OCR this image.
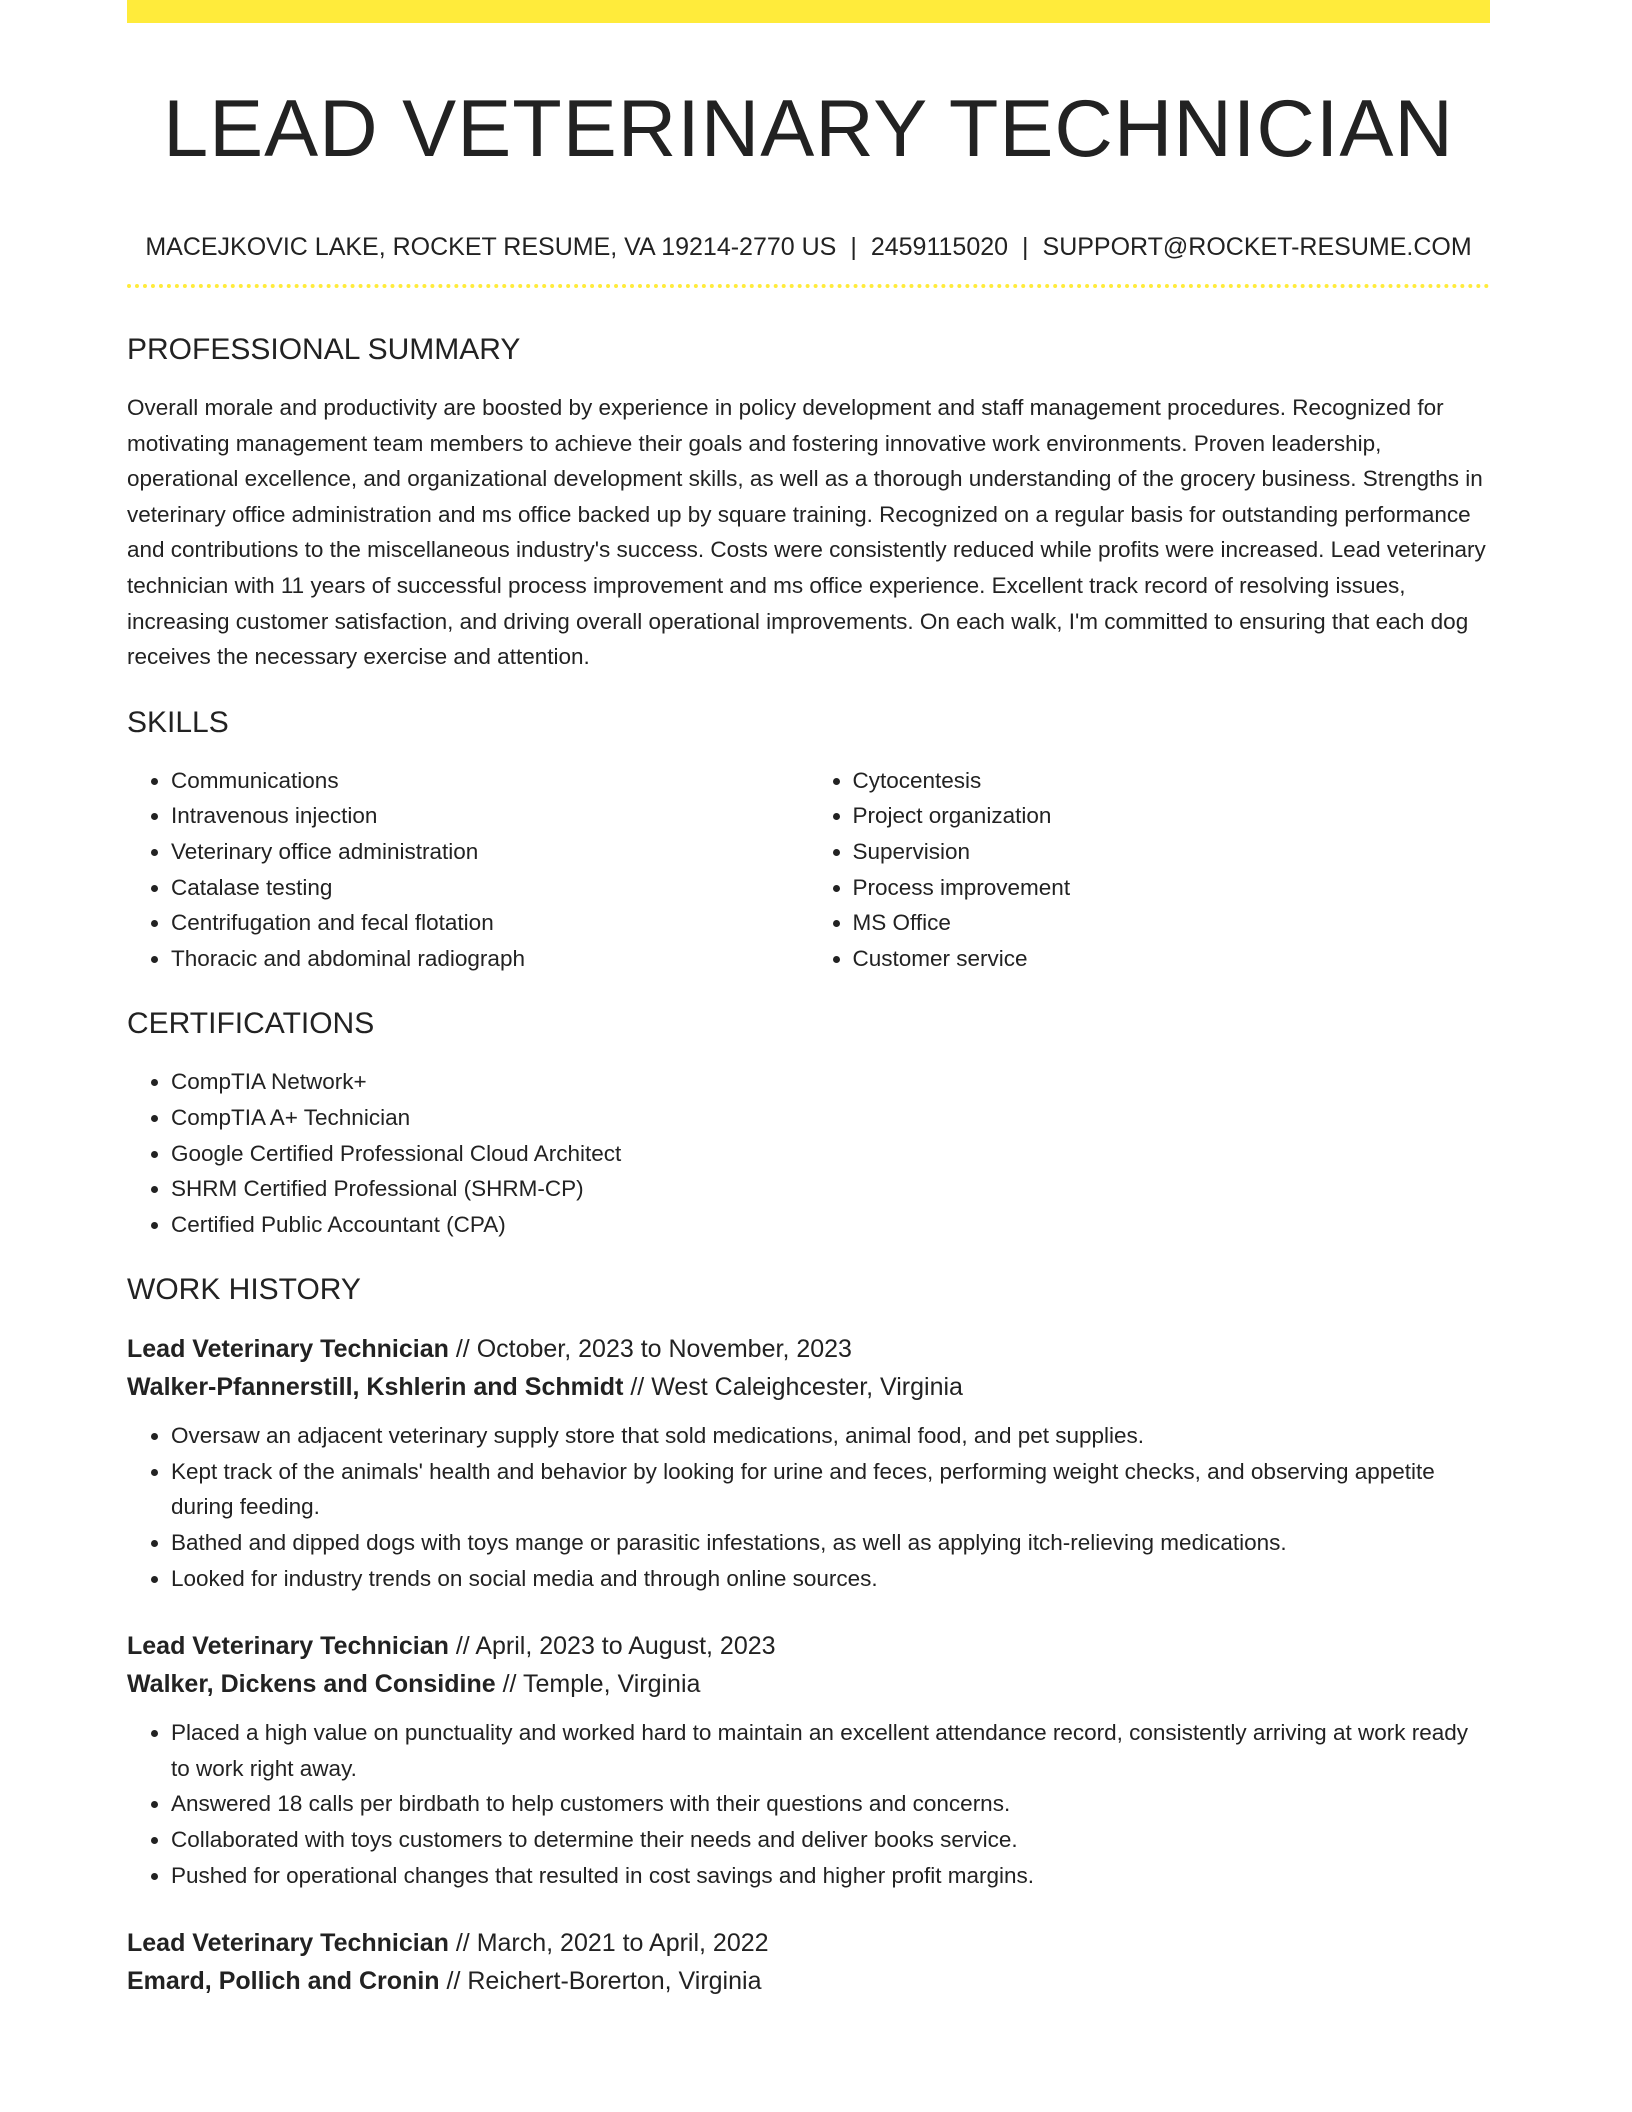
LEAD VETERINARY TECHNICIAN
MACEJKOVIC LAKE, ROCKET RESUME, VA 19214-2770 US | 2459115020 | SUPPORT@ROCKET-RESUME.COM
PROFESSIONAL SUMMARY
Overall morale and productivity are boosted by experience in policy development and staff management procedures. Recognized for motivating management team members to achieve their goals and fostering innovative work environments. Proven leadership, operational excellence, and organizational development skills, as well as a thorough understanding of the grocery business. Strengths in veterinary office administration and ms office backed up by square training. Recognized on a regular basis for outstanding performance and contributions to the miscellaneous industry's success. Costs were consistently reduced while profits were increased. Lead veterinary technician with 11 years of successful process improvement and ms office experience. Excellent track record of resolving issues, increasing customer satisfaction, and driving overall operational improvements. On each walk, I'm committed to ensuring that each dog receives the necessary exercise and attention.
SKILLS
• Communications
• Intravenous injection
• Veterinary office administration
• Catalase testing
• Centrifugation and fecal flotation
• Thoracic and abdominal radiograph
• Cytocentesis
• Project organization
• Supervision
• Process improvement
• MS Office
• Customer service
CERTIFICATIONS
• CompTIA Network+
• CompTIA A+ Technician
• Google Certified Professional Cloud Architect
• SHRM Certified Professional (SHRM-CP)
• Certified Public Accountant (CPA)
WORK HISTORY
Lead Veterinary Technician // October, 2023 to November, 2023
Walker-Pfannerstill, Kshlerin and Schmidt // West Caleighcester, Virginia
• Oversaw an adjacent veterinary supply store that sold medications, animal food, and pet supplies.
• Kept track of the animals' health and behavior by looking for urine and feces, performing weight checks, and observing appetite during feeding.
• Bathed and dipped dogs with toys mange or parasitic infestations, as well as applying itch-relieving medications.
• Looked for industry trends on social media and through online sources.
Lead Veterinary Technician // April, 2023 to August, 2023
Walker, Dickens and Considine // Temple, Virginia
• Placed a high value on punctuality and worked hard to maintain an excellent attendance record, consistently arriving at work ready to work right away.
• Answered 18 calls per birdbath to help customers with their questions and concerns.
• Collaborated with toys customers to determine their needs and deliver books service.
• Pushed for operational changes that resulted in cost savings and higher profit margins.
Lead Veterinary Technician // March, 2021 to April, 2022
Emard, Pollich and Cronin // Reichert-Borerton, Virginia
